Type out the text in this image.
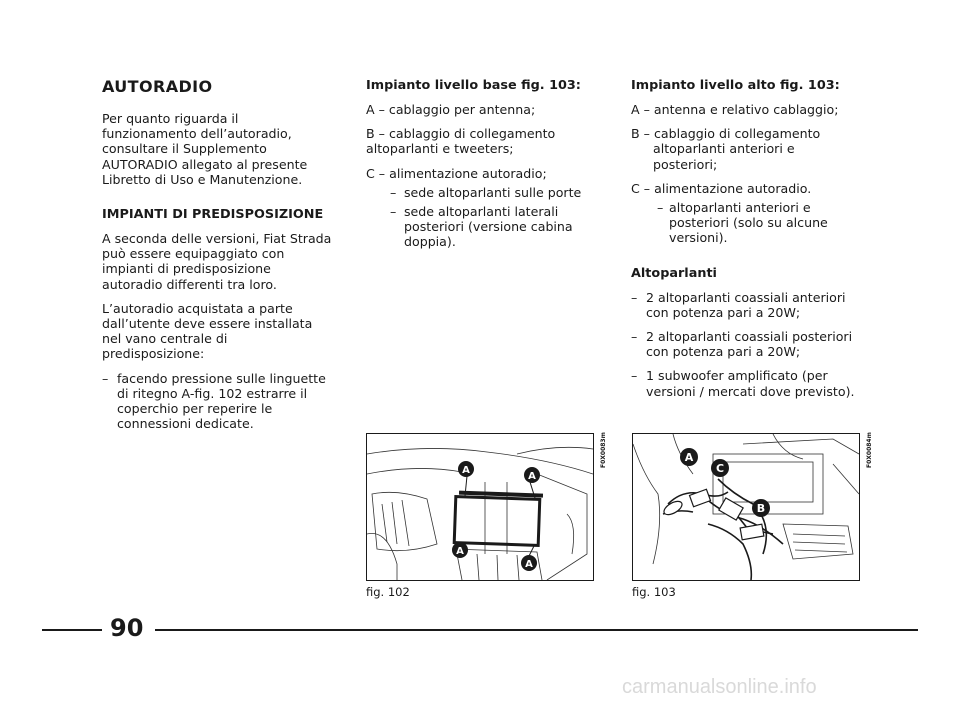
AUTORADIO

Per quanto riguarda il funzionamento dell’autoradio, consultare il Supplemento AUTORADIO allegato al presente Libretto di Uso e Manutenzione.

IMPIANTI DI PREDISPOSIZIONE

A seconda delle versioni, Fiat Strada può essere equipaggiato con impianti di predisposizione autoradio differenti tra loro.

L’autoradio acquistata a parte dall’utente deve essere installata nel vano centrale di predisposizione:

– facendo pressione sulle linguette di ritegno A-fig. 102 estrarre il coperchio per reperire le connessioni dedicate.
Impianto livello base fig. 103:

A – cablaggio per antenna;

B – cablaggio di collegamento altoparlanti e tweeters;

C – alimentazione autoradio;

– sede altoparlanti sulle porte
– sede altoparlanti laterali posteriori (versione cabina doppia).
Impianto livello alto fig. 103:

A – antenna e relativo cablaggio;

B – cablaggio di collegamento altoparlanti anteriori e posteriori;

C – alimentazione autoradio.

– altoparlanti anteriori e posteriori (solo su alcune versioni).
Altoparlanti
– 2 altoparlanti coassiali anteriori con potenza pari a 20W;
– 2 altoparlanti coassiali posteriori con potenza pari a 20W;
– 1 subwoofer amplificato (per versioni / mercati dove previsto).
A
A
A
A
F0X0083m
fig. 102
A
C
B
F0X0084m
fig. 103
90
carmanualsonline.info
